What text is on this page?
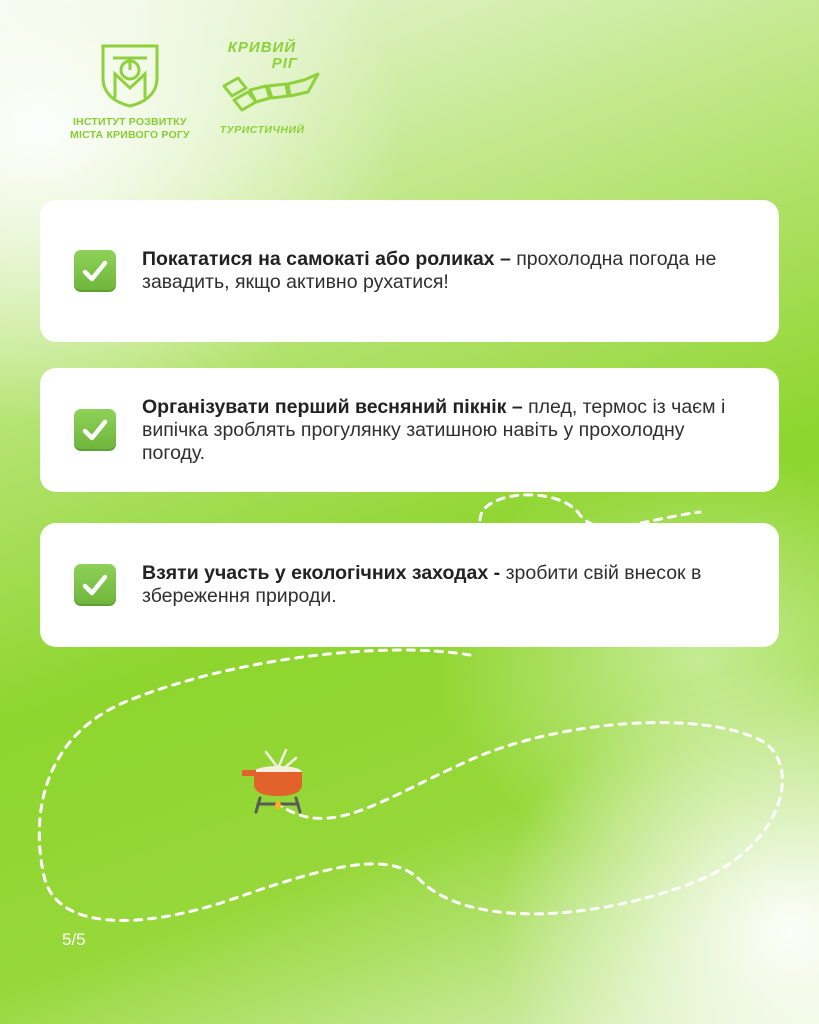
ІНСТИТУТ РОЗВИТКУ
МІСТА КРИВОГО РОГУ
КРИВИЙ
РІГ
ТУРИСТИЧНИЙ

Покататися на самокаті або роликах – прохолодна погода не завадить, якщо активно рухатися!

Організувати перший весняний пікнік – плед, термос із чаєм і випічка зроблять прогулянку затишною навіть у прохолодну погоду.

Взяти участь у екологічних заходах - зробити свій внесок в збереження природи.

5/5
